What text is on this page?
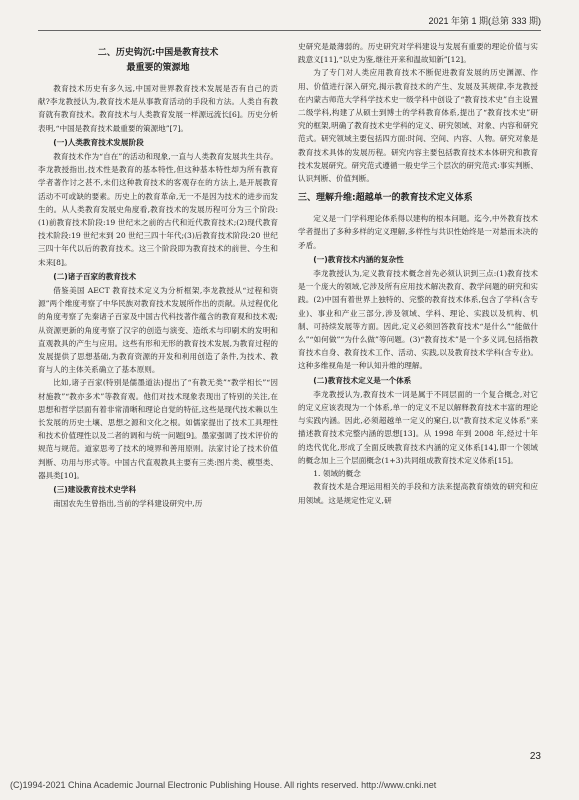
2021 年第 1 期(总第 333 期)
二、历史钩沉:中国是教育技术
最重要的策源地

教育技术历史有多久远,中国对世界教育技术发展是否有自己的贡献?李龙教授认为,教育技术是从事教育活动的手段和方法。人类自有教育就有教育技术。教育技术与人类教育发展一样源远流长[6]。历史分析表明,“中国是教育技术最重要的策源地”[7]。

(一)人类教育技术发展阶段

教育技术作为“自在”的活动和现象,一直与人类教育发展共生共存。李龙教授指出,技术性是教育的基本特性,但这种基本特性却为所有教育学者著作讨之甚不,未们这种教育技术的客观存在的方法上,是开展教育活动不可或缺的要素。历史上的教育革命,无一不是因为技术的进步而发生的。从人类教育发展史角度看,教育技术的发展历程可分为三个阶段:(1)前教育技术阶段:19 世纪末之前的古代和近代教育技术;(2)现代教育技术阶段:19 世纪末到 20 世纪三四十年代;(3)后教育技术阶段:20 世纪三四十年代以后的教育技术。这三个阶段即为教育技术的前世、今生和未来[8]。

(二)诸子百家的教育技术

借鉴美国 AECT 教育技术定义为分析框架,李龙教授从“过程和资源”两个维度考察了中华民族对教育技术发展所作出的贡献。从过程优化的角度考察了先秦诸子百家及中国古代科技著作蕴含的教育观和技术观;从资源更新的角度考察了汉字的创造与演变、造纸术与印刷术的发明和直观教具的产生与应用。这些有形和无形的教育技术发展,为教育过程的发展提供了思想基础,为教育资源的开发和利用创造了条件,为技术、教育与人的主体关系确立了基本原则。

比如,诸子百家(特别是儒墨道法)提出了“有教无类”“教学相长”“因材施教”“教亦多术”等教育观。他们对技术现象表现出了特别的关注,在思想和哲学层面有着非常清晰和理论自觉的特征,这些是现代技术赖以生长发展的历史土壤、思想之源和文化之根。如儒家提出了技术工具理性和技术价值理性以及二者的调和与统一问题[9]。墨家强调了技术评价的规范与规范。道家思考了技术的境界和善用原则。法家讨论了技术价值判断、功用与形式等。中国古代直观教具主要有三类:图片类、模型类、器具类[10]。

(三)建设教育技术史学科

南国农先生曾指出,当前的学科建设研究中,历

史研究是最薄弱的。历史研究对学科建设与发展有重要的理论价值与实践意义[11],“以史为鉴,继往开来和温故知新”[12]。

为了专门对人类应用教育技术不断促进教育发展的历史渊源、作用、价值进行深入研究,揭示教育技术的产生、发展及其规律,李龙教授在内蒙古师范大学科学技术史一级学科中创设了“教育技术史”自主设置二级学科,构建了从硕士到博士的学科教育体系,提出了“教育技术史”研究的框架,明确了教育技术史学科的定义、研究领域、对象、内容和研究范式。研究领域主要包括四方面:时间、空间、内容、人物。研究对象是教育技术具体的发展历程。研究内容主要包括教育技术本体研究和教育技术发展研究。研究范式遵循一般史学三个层次的研究范式:事实判断、认识判断、价值判断。

三、理解升维:超越单一的教育技术定义体系

定义是一门学科理论体系得以建构的根本问题。迄今,中外教育技术学者提出了多种多样的定义理解,多样性与共识性始终是一对悬而未决的矛盾。

(一)教育技术内涵的复杂性

李龙教授认为,定义教育技术概念首先必须认识到三点:(1)教育技术是一个庞大的领域,它涉及所有应用技术解决教育、教学问题的研究和实践。(2)中国有着世界上独特的、完整的教育技术体系,包含了学科(含专业)、事业和产业三部分,涉及领域、学科、理论、实践以及机构、机制、可持续发展等方面。因此,定义必须回答教育技术“是什么”“能做什么”“如何做”“为什么做”等问题。(3)“教育技术”是一个多义词,包括指教育技术自身、教育技术工作、活动、实践,以及教育技术学科(含专业)。这种多维视角是一种认知升维的理解。

(二)教育技术定义是一个体系

李龙教授认为,教育技术一词是属于不同层面的一个复合概念,对它的定义应该表现为一个体系,单一的定义不足以解释教育技术丰富的理论与实践内涵。因此,必须超越单一定义的窠臼,以“教育技术定义体系”来描述教育技术完整内涵的思想[13]。从 1998 年到 2008 年,经过十年的迭代优化,形成了全面反映教育技术内涵的定义体系[14],即一个领域的概念加上三个层面概念(1+3)共同组成教育技术定义体系[15]。

1. 领域的概念

教育技术是合理运用相关的手段和方法来提高教育绩效的研究和应用领域。这是规定性定义,研

23
(C)1994-2021 China Academic Journal Electronic Publishing House. All rights reserved. http://www.cnki.net
